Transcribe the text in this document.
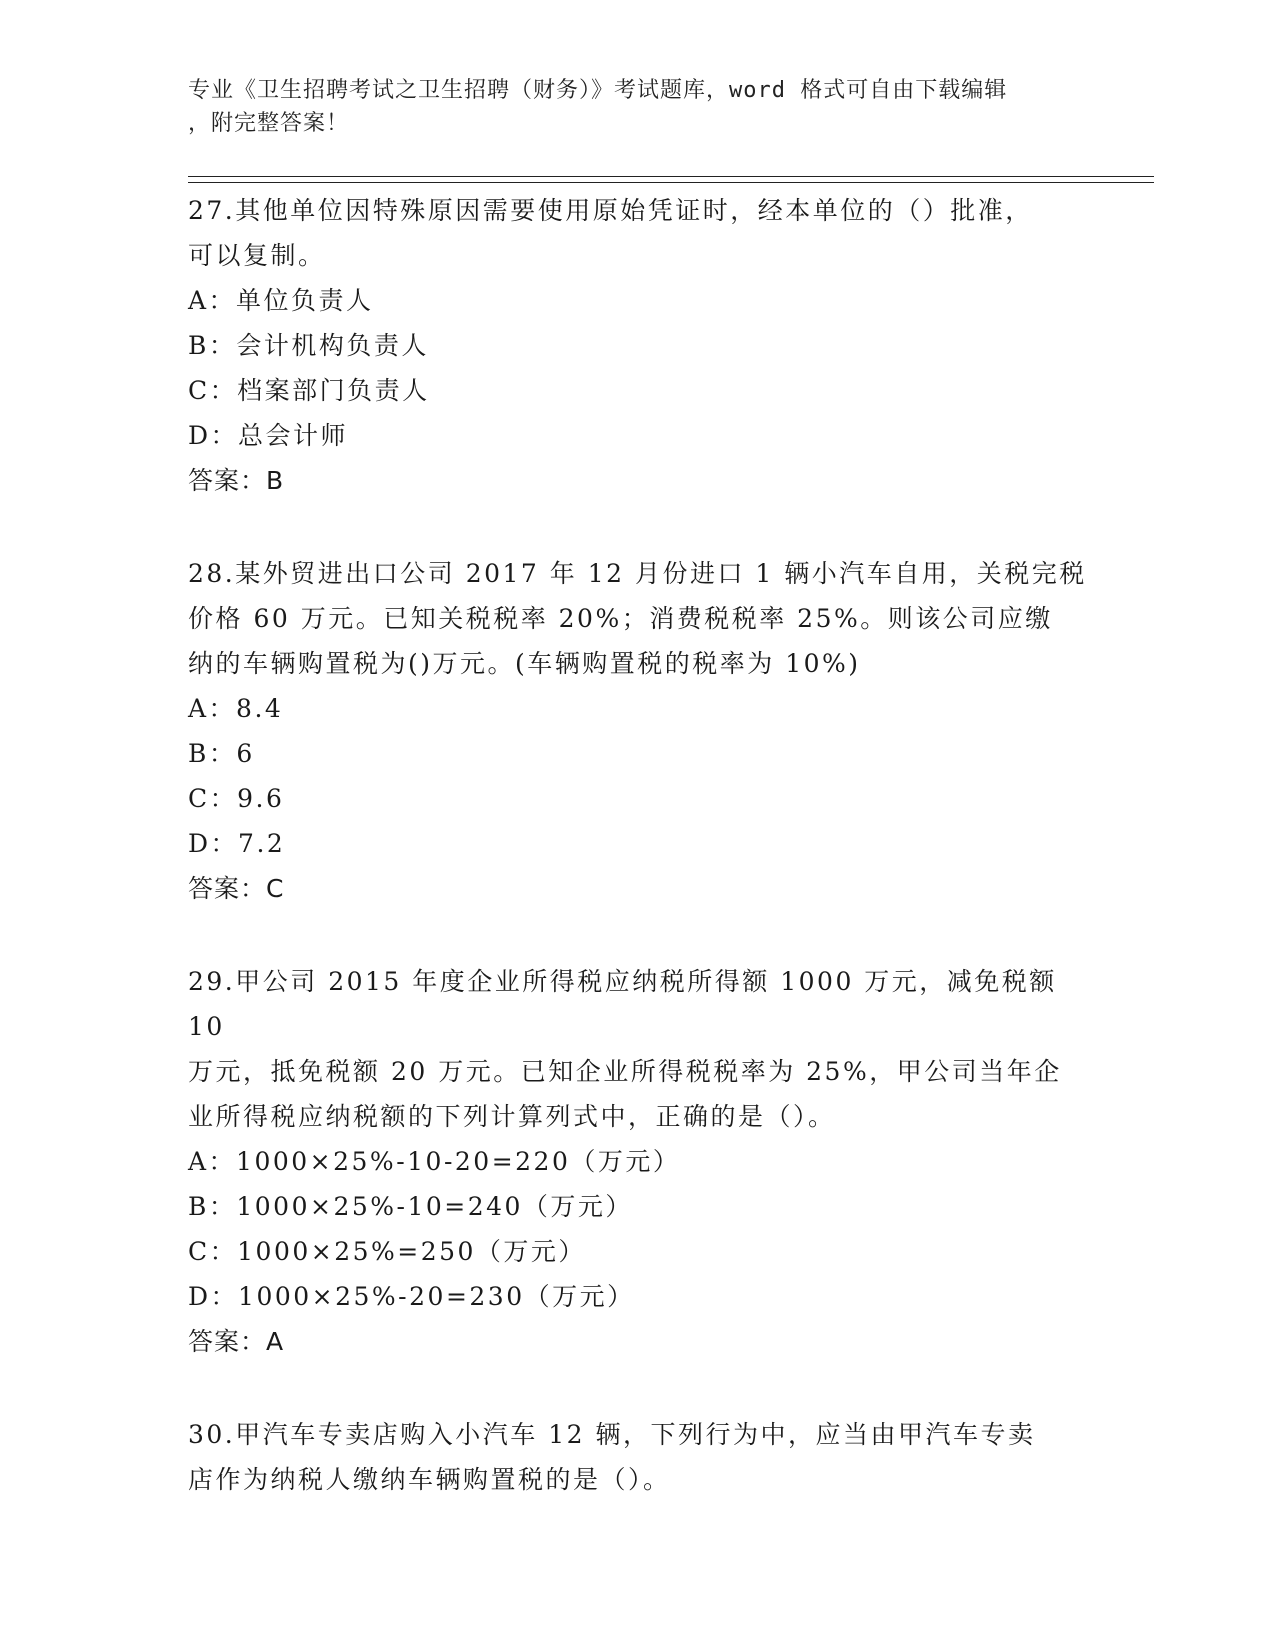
专业《卫生招聘考试之卫生招聘（财务）》考试题库，word 格式可自由下载编辑
，附完整答案！

27.其他单位因特殊原因需要使用原始凭证时，经本单位的（）批准，

可以复制。

A：单位负责人

B：会计机构负责人

C：档案部门负责人

D：总会计师

答案：B

28.某外贸进出口公司 2017 年 12 月份进口 1 辆小汽车自用，关税完税

价格 60 万元。已知关税税率 20%；消费税税率 25%。则该公司应缴

纳的车辆购置税为()万元。(车辆购置税的税率为 10%)

A：8.4

B：6

C：9.6

D：7.2

答案：C

29.甲公司 2015 年度企业所得税应纳税所得额 1000 万元，减免税额 10

万元，抵免税额 20 万元。已知企业所得税税率为 25%，甲公司当年企

业所得税应纳税额的下列计算列式中，正确的是（）。

A：1000×25%-10-20=220（万元）

B：1000×25%-10=240（万元）

C：1000×25%=250（万元）

D：1000×25%-20=230（万元）

答案：A

30.甲汽车专卖店购入小汽车 12 辆，下列行为中，应当由甲汽车专卖

店作为纳税人缴纳车辆购置税的是（）。
